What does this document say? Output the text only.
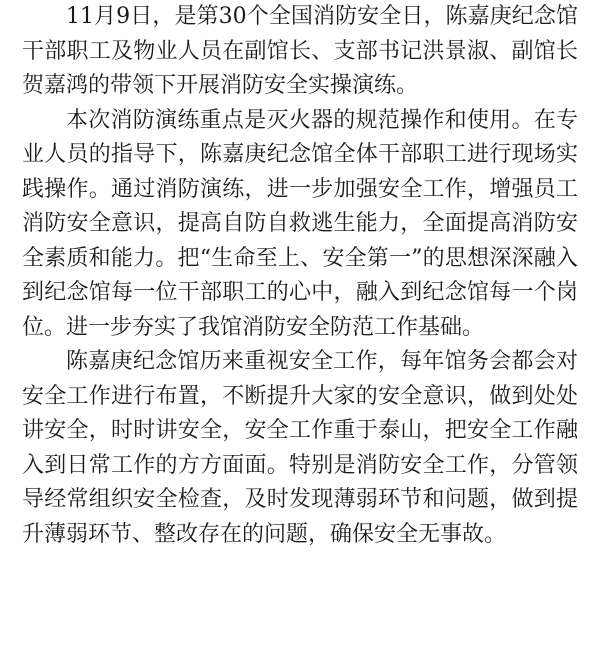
11月9日，是第30个全国消防安全日，陈嘉庚纪念馆干部职工及物业人员在副馆长、支部书记洪景淑、副馆长贺嘉鸿的带领下开展消防安全实操演练。

本次消防演练重点是灭火器的规范操作和使用。在专业人员的指导下，陈嘉庚纪念馆全体干部职工进行现场实践操作。通过消防演练，进一步加强安全工作，增强员工消防安全意识，提高自防自救逃生能力，全面提高消防安全素质和能力。把“生命至上、安全第一”的思想深深融入到纪念馆每一位干部职工的心中，融入到纪念馆每一个岗位。进一步夯实了我馆消防安全防范工作基础。

陈嘉庚纪念馆历来重视安全工作，每年馆务会都会对安全工作进行布置，不断提升大家的安全意识，做到处处讲安全，时时讲安全，安全工作重于泰山，把安全工作融入到日常工作的方方面面。特别是消防安全工作，分管领导经常组织安全检查，及时发现薄弱环节和问题，做到提升薄弱环节、整改存在的问题，确保安全无事故。
